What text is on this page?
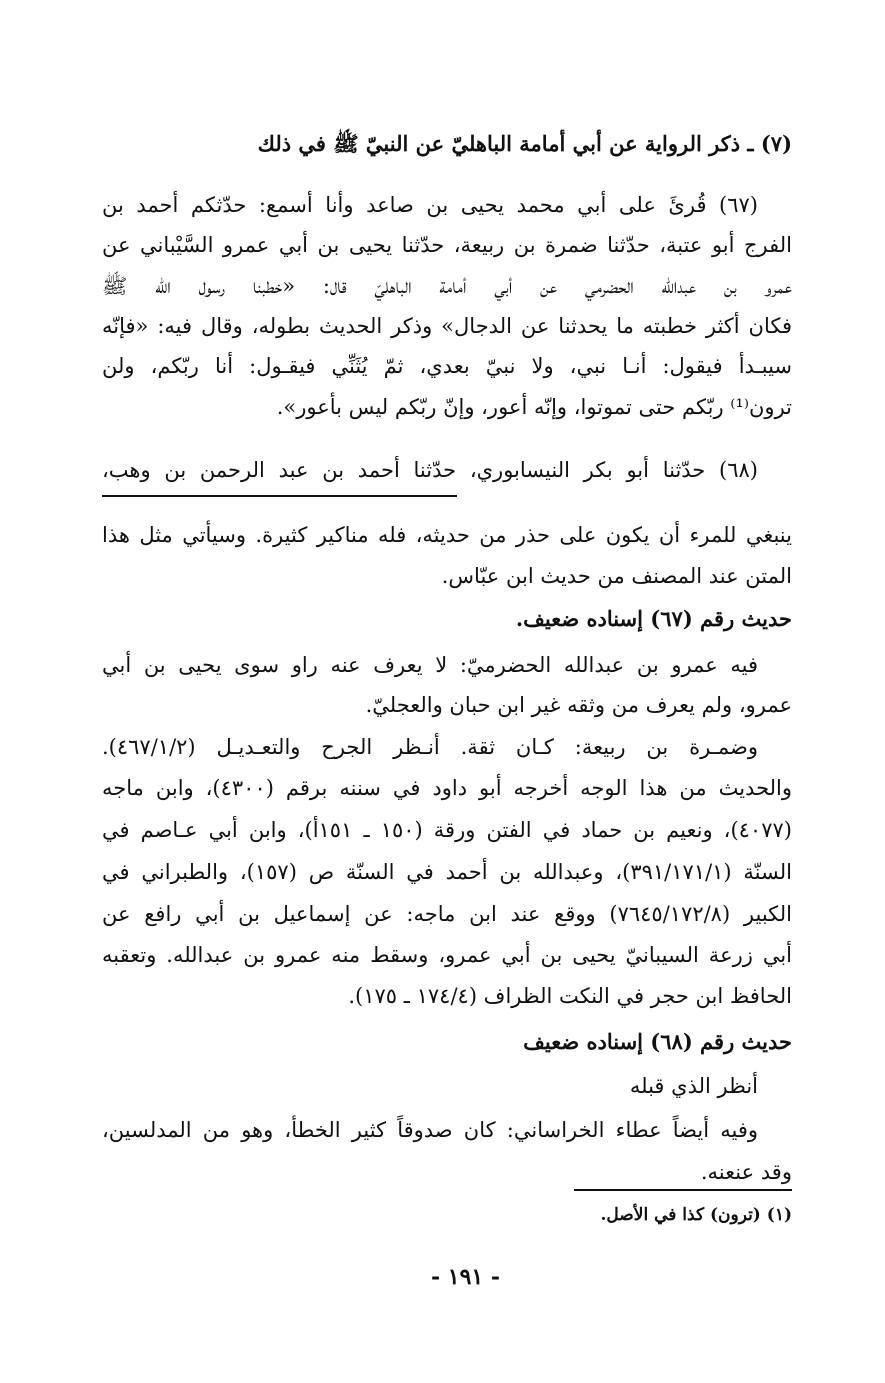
(٧) ـ ذكر الرواية عن أبي أمامة الباهليّ عن النبيّ ﷺ في ذلك
(٦٧) قُرئَ على أبي محمد يحيى بن صاعد وأنا أسمع: حدّثكم أحمد بن
الفرج أبو عتبة، حدّثنا ضمرة بن ربيعة، حدّثنا يحيى بن أبي عمرو السَّيْباني عن
عمرو بن عبدالله الحضرمي عن أبي أمامة الباهليّ قال: «خطبنا رسول الله ﷺ
فكان أكثر خطبته ما يحدثنا عن الدجال» وذكر الحديث بطوله، وقال فيه: «فإنّه
سيبـدأ فيقول: أنـا نبي، ولا نبيّ بعدي، ثمّ يُثَنِّي فيقـول: أنا ربّكم، ولن
ترون⁽¹⁾ ربّكم حتى تموتوا، وإنّه أعور، وإنّ ربّكم ليس بأعور».
(٦٨) حدّثنا أبو بكر النيسابوري، حدّثنا أحمد بن عبد الرحمن بن وهب،
ينبغي للمرء أن يكون على حذر من حديثه، فله مناكير كثيرة. وسيأتي مثل هذا
المتن عند المصنف من حديث ابن عبّاس.
حديث رقم (٦٧) إسناده ضعيف.
فيه عمرو بن عبدالله الحضرميّ: لا يعرف عنه راو سوى يحيى بن أبي
عمرو، ولم يعرف من وثقه غير ابن حبان والعجليّ.
وضمـرة بن ربيعة: كـان ثقة. أنـظر الجرح والتعـديـل (٤٦٧/١/٢).
والحديث من هذا الوجه أخرجه أبو داود في سننه برقم (٤٣٠٠)، وابن ماجه
(٤٠٧٧)، ونعيم بن حماد في الفتن ورقة (١٥٠ ـ ١٥١أ)، وابن أبي عـاصم في
السنّة (٣٩١/١٧١/١)، وعبدالله بن أحمد في السنّة ص (١٥٧)، والطبراني في
الكبير (٧٦٤٥/١٧٢/٨) ووقع عند ابن ماجه: عن إسماعيل بن أبي رافع عن
أبي زرعة السيبانيّ يحيى بن أبي عمرو، وسقط منه عمرو بن عبدالله. وتعقبه
الحافظ ابن حجر في النكت الظراف (١٧٤/٤ ـ ١٧٥).
حديث رقم (٦٨) إسناده ضعيف
أنظر الذي قبله
وفيه أيضاً عطاء الخراساني: كان صدوقاً كثير الخطأ، وهو من المدلسين،
وقد عنعنه.
(١) (ترون) كذا في الأصل.
- ١٩١ -
